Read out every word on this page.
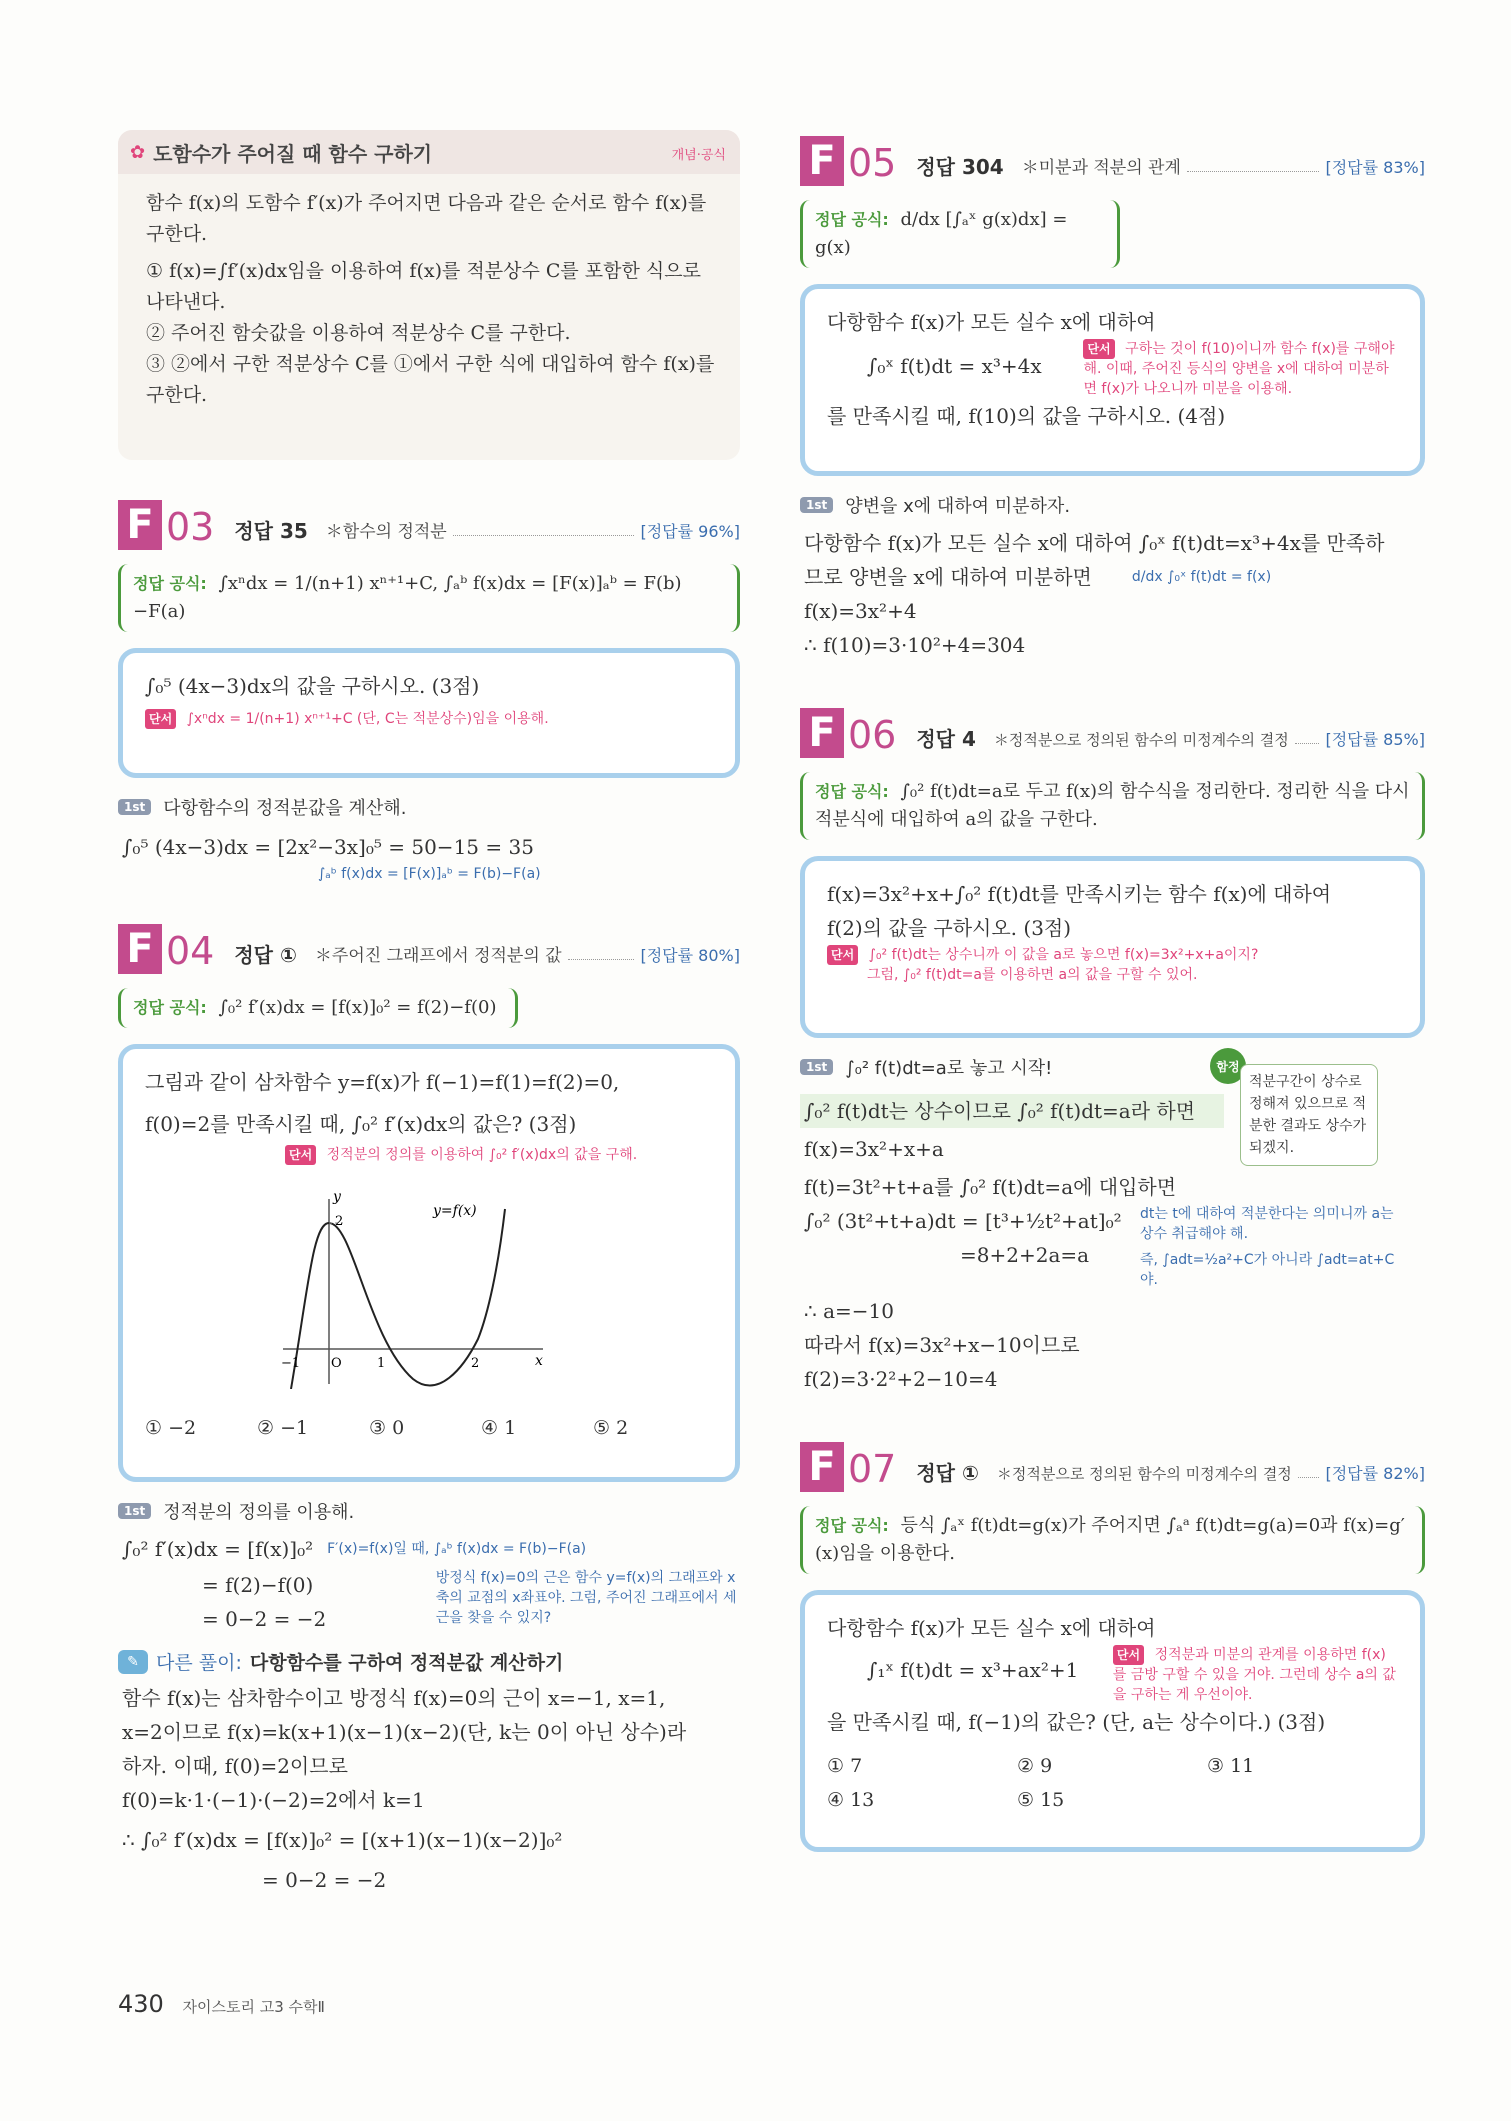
✿ 도함수가 주어질 때 함수 구하기	개념·공식
함수 f(x)의 도함수 f′(x)가 주어지면 다음과 같은 순서로 함수 f(x)를 구한다.
① f(x)=∫f′(x)dx임을 이용하여 f(x)를 적분상수 C를 포함한 식으로 나타낸다.
② 주어진 함숫값을 이용하여 적분상수 C를 구한다.
③ ②에서 구한 적분상수 C를 ①에서 구한 식에 대입하여 함수 f(x)를 구한다.
F 03 정답 35 ＊함수의 정적분	[정답률 96%]
정답 공식: ∫xⁿdx = 1/(n+1) xⁿ⁺¹+C, ∫ₐᵇ f(x)dx = [F(x)]ₐᵇ = F(b)−F(a)
∫₀⁵ (4x−3)dx의 값을 구하시오. (3점)
단서 ∫xⁿdx = 1/(n+1) xⁿ⁺¹+C (단, C는 적분상수)임을 이용해.
1st	다항함수의 정적분값을 계산해.
∫₀⁵ (4x−3)dx = [2x²−3x]₀⁵ = 50−15 = 35
∫ₐᵇ f(x)dx = [F(x)]ₐᵇ = F(b)−F(a)
F 04 정답 ① ＊주어진 그래프에서 정적분의 값	[정답률 80%]
정답 공식: ∫₀² f′(x)dx = [f(x)]₀² = f(2)−f(0)
그림과 같이 삼차함수 y=f(x)가 f(−1)=f(1)=f(2)=0,
f(0)=2를 만족시킬 때, ∫₀² f′(x)dx의 값은? (3점)
단서 정적분의 정의를 이용하여 ∫₀² f′(x)dx의 값을 구해.
y
x
y=f(x)
2
−1 O	1	2
① −2	② −1	③ 0	④ 1	⑤ 2
1st	정적분의 정의를 이용해.
∫₀² f′(x)dx = [f(x)]₀² F′(x)=f(x)일 때, ∫ₐᵇ f(x)dx = F(b)−F(a)
= f(2)−f(0)
= 0−2 = −2
방정식 f(x)=0의 근은 함수 y=f(x)의 그래프와 x축의 교점의 x좌표야. 그럼, 주어진 그래프에서 세 근을 찾을 수 있지?
✎ 다른 풀이: 다항함수를 구하여 정적분값 계산하기
함수 f(x)는 삼차함수이고 방정식 f(x)=0의 근이 x=−1, x=1,
x=2이므로 f(x)=k(x+1)(x−1)(x−2)(단, k는 0이 아닌 상수)라
하자. 이때, f(0)=2이므로
f(0)=k·1·(−1)·(−2)=2에서 k=1
∴ ∫₀² f′(x)dx = [f(x)]₀² = [(x+1)(x−1)(x−2)]₀²
= 0−2 = −2
F 05 정답 304 ＊미분과 적분의 관계	[정답률 83%]
정답 공식: d/dx [∫ₐˣ g(x)dx] = g(x)
다항함수 f(x)가 모든 실수 x에 대하여
∫₀ˣ f(t)dt = x³+4x
단서 구하는 것이 f(10)이니까 함수 f(x)를 구해야 해. 이때, 주어진 등식의 양변을 x에 대하여 미분하면 f(x)가 나오니까 미분을 이용해.
를 만족시킬 때, f(10)의 값을 구하시오. (4점)
1st	양변을 x에 대하여 미분하자.
다항함수 f(x)가 모든 실수 x에 대하여 ∫₀ˣ f(t)dt=x³+4x를 만족하
므로 양변을 x에 대하여 미분하면	d/dx ∫₀ˣ f(t)dt = f(x)
f(x)=3x²+4
∴ f(10)=3·10²+4=304
F 06 정답 4 ＊정적분으로 정의된 함수의 미정계수의 결정 [정답률 85%]
정답 공식: ∫₀² f(t)dt=a로 두고 f(x)의 함수식을 정리한다. 정리한 식을 다시 적분식에 대입하여 a의 값을 구한다.
f(x)=3x²+x+∫₀² f(t)dt를 만족시키는 함수 f(x)에 대하여
f(2)의 값을 구하시오. (3점)
단서 ∫₀² f(t)dt는 상수니까 이 값을 a로 놓으면 f(x)=3x²+x+a이지?
그럼, ∫₀² f(t)dt=a를 이용하면 a의 값을 구할 수 있어.
1st	∫₀² f(t)dt=a로 놓고 시작!	함정
적분구간이 상수로 정해져 있으므로 적분한 결과도 상수가 되겠지.
∫₀² f(t)dt는 상수이므로 ∫₀² f(t)dt=a라 하면
f(x)=3x²+x+a
f(t)=3t²+t+a를 ∫₀² f(t)dt=a에 대입하면
∫₀² (3t²+t+a)dt = [t³+½t²+at]₀²
=8+2+2a=a
dt는 t에 대하여 적분한다는 의미니까 a는 상수 취급해야 해.
즉, ∫adt=½a²+C가 아니라 ∫adt=at+C야.
∴ a=−10
따라서 f(x)=3x²+x−10이므로
f(2)=3·2²+2−10=4
F 07 정답 ① ＊정적분으로 정의된 함수의 미정계수의 결정 [정답률 82%]
정답 공식: 등식 ∫ₐˣ f(t)dt=g(x)가 주어지면 ∫ₐᵃ f(t)dt=g(a)=0과 f(x)=g′(x)임을 이용한다.
다항함수 f(x)가 모든 실수 x에 대하여
∫₁ˣ f(t)dt = x³+ax²+1
단서 정적분과 미분의 관계를 이용하면 f(x)를 금방 구할 수 있을 거야. 그런데 상수 a의 값을 구하는 게 우선이야.
을 만족시킬 때, f(−1)의 값은? (단, a는 상수이다.) (3점)
① 7	② 9	③ 11
④ 13	⑤ 15
430 자이스토리 고3 수학Ⅱ
